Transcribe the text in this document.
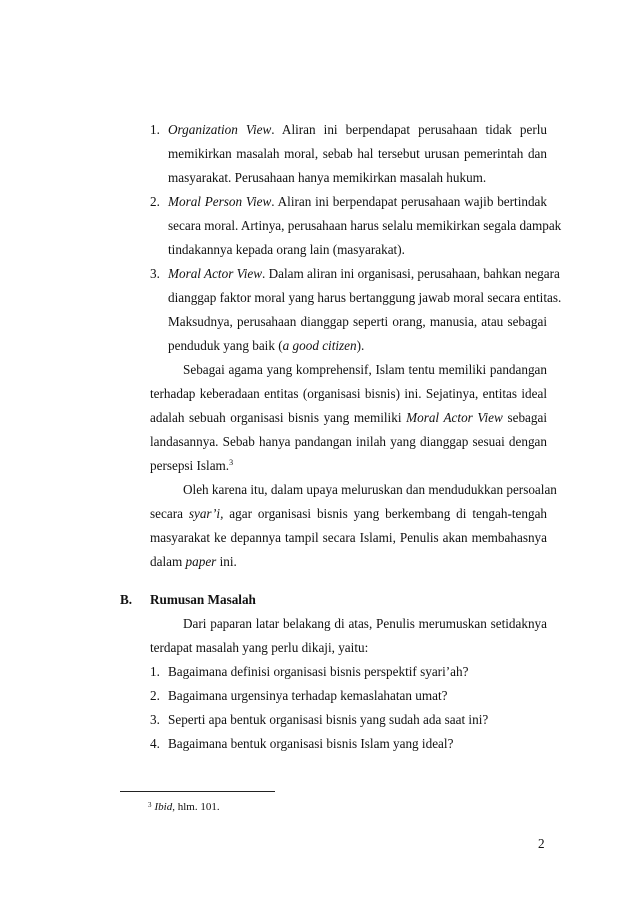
1. Organization View. Aliran ini berpendapat perusahaan tidak perlu
memikirkan masalah moral, sebab hal tersebut urusan pemerintah dan
masyarakat. Perusahaan hanya memikirkan masalah hukum.
2. Moral Person View. Aliran ini berpendapat perusahaan wajib bertindak
secara moral. Artinya, perusahaan harus selalu memikirkan segala dampak
tindakannya kepada orang lain (masyarakat).
3. Moral Actor View. Dalam aliran ini organisasi, perusahaan, bahkan negara
dianggap faktor moral yang harus bertanggung jawab moral secara entitas.
Maksudnya, perusahaan dianggap seperti orang, manusia, atau sebagai
penduduk yang baik (a good citizen).
Sebagai agama yang komprehensif, Islam tentu memiliki pandangan
terhadap keberadaan entitas (organisasi bisnis) ini. Sejatinya, entitas ideal
adalah sebuah organisasi bisnis yang memiliki Moral Actor View sebagai
landasannya. Sebab hanya pandangan inilah yang dianggap sesuai dengan
persepsi Islam.$^3$
Oleh karena itu, dalam upaya meluruskan dan mendudukkan persoalan
secara syar’i, agar organisasi bisnis yang berkembang di tengah-tengah
masyarakat ke depannya tampil secara Islami, Penulis akan membahasnya
dalam paper ini.
B. Rumusan Masalah
Dari paparan latar belakang di atas, Penulis merumuskan setidaknya
terdapat masalah yang perlu dikaji, yaitu:
1. Bagaimana definisi organisasi bisnis perspektif syari’ah?
2. Bagaimana urgensinya terhadap kemaslahatan umat?
3. Seperti apa bentuk organisasi bisnis yang sudah ada saat ini?
4. Bagaimana bentuk organisasi bisnis Islam yang ideal?
$^3$ Ibid, hlm. 101.
2
